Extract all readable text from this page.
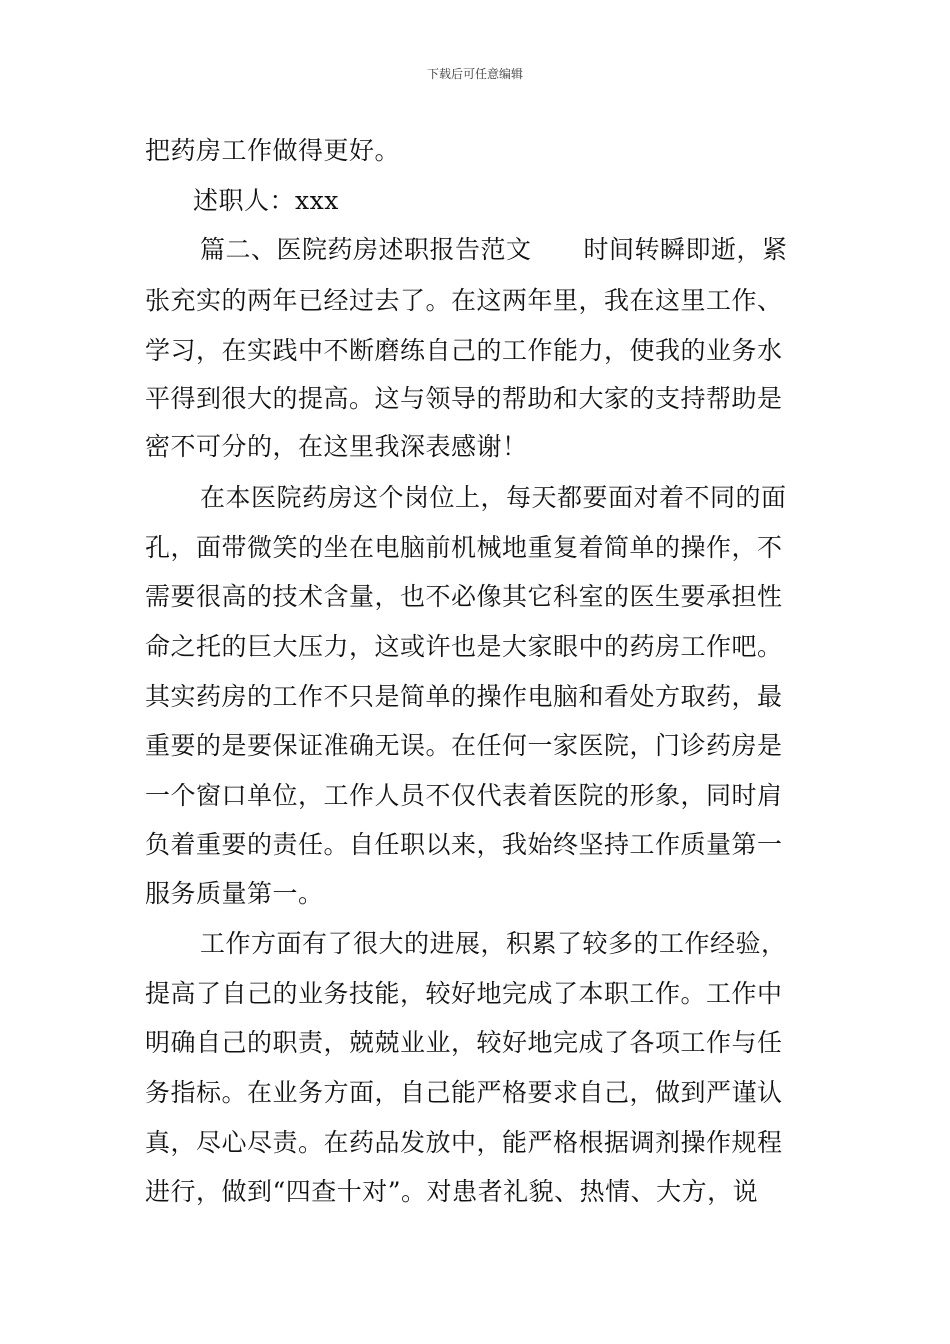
下载后可任意编辑
把药房工作做得更好。
述职人：xxx
篇二、医院药房述职报告范文 时间转瞬即逝，紧
张充实的两年已经过去了。在这两年里，我在这里工作、
学习，在实践中不断磨练自己的工作能力，使我的业务水
平得到很大的提高。这与领导的帮助和大家的支持帮助是
密不可分的，在这里我深表感谢！
在本医院药房这个岗位上，每天都要面对着不同的面
孔，面带微笑的坐在电脑前机械地重复着简单的操作，不
需要很高的技术含量，也不必像其它科室的医生要承担性
命之托的巨大压力，这或许也是大家眼中的药房工作吧。
其实药房的工作不只是简单的操作电脑和看处方取药，最
重要的是要保证准确无误。在任何一家医院，门诊药房是
一个窗口单位，工作人员不仅代表着医院的形象，同时肩
负着重要的责任。自任职以来，我始终坚持工作质量第一
服务质量第一。
工作方面有了很大的进展，积累了较多的工作经验，
提高了自己的业务技能，较好地完成了本职工作。工作中
明确自己的职责，兢兢业业，较好地完成了各项工作与任
务指标。在业务方面，自己能严格要求自己，做到严谨认
真，尽心尽责。在药品发放中，能严格根据调剂操作规程
进行，做到“四查十对”。对患者礼貌、热情、大方，说
